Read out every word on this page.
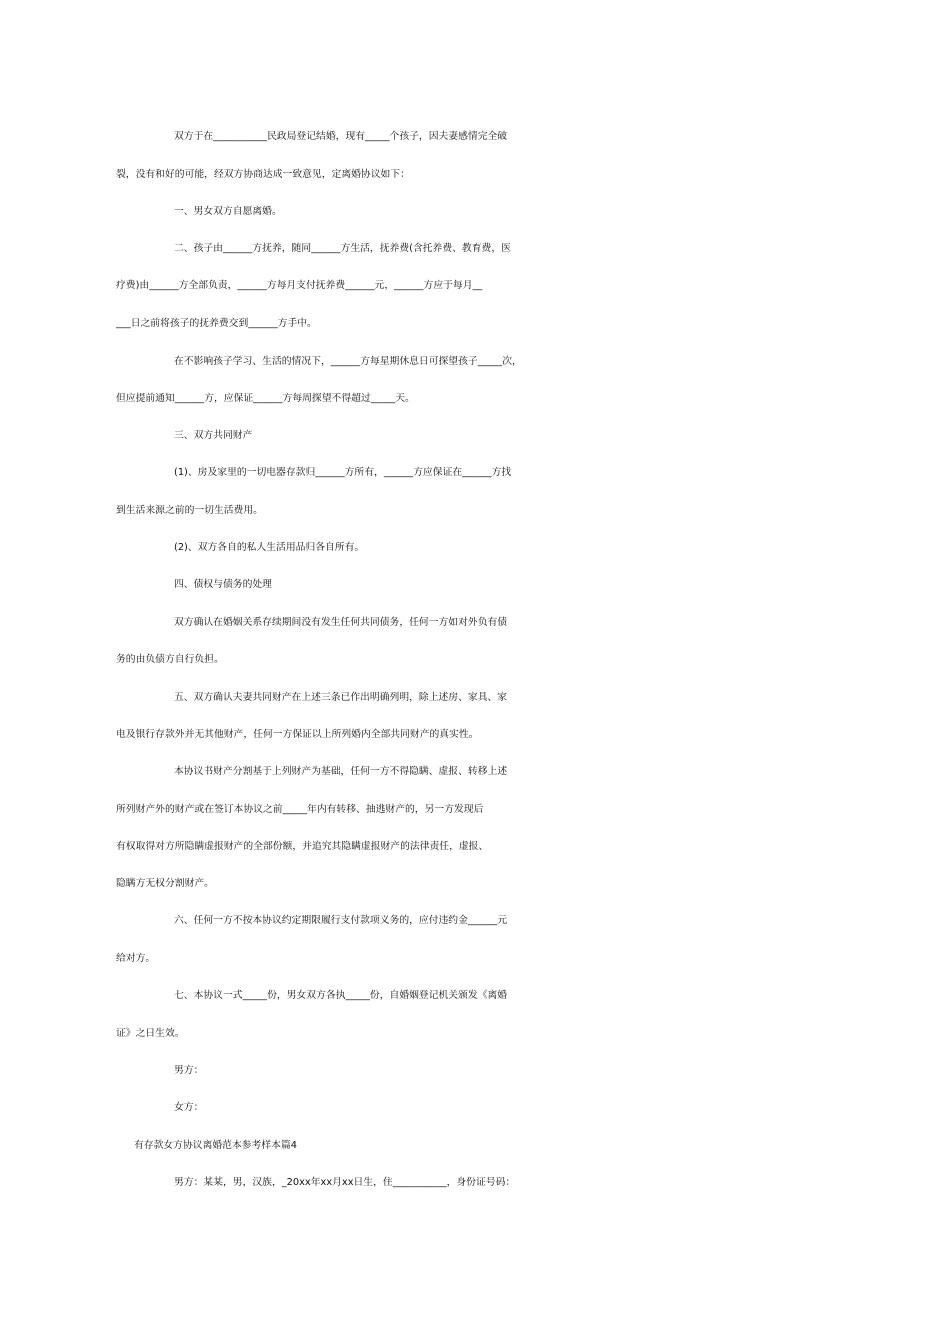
双方于在___________民政局登记结婚，现有_____个孩子，因夫妻感情完全破
裂，没有和好的可能，经双方协商达成一致意见，定离婚协议如下：
一、男女双方自愿离婚。
二、孩子由______方抚养，随同______方生活，抚养费(含托养费、教育费，医
疗费)由______方全部负责，______方每月支付抚养费______元，______方应于每月__
___日之前将孩子的抚养费交到______方手中。
在不影响孩子学习、生活的情况下，______方每星期休息日可探望孩子_____次，
但应提前通知______方，应保证______方每周探望不得超过_____天。
三、双方共同财产
(1)、房及家里的一切电器存款归______方所有，______方应保证在______方找
到生活来源之前的一切生活费用。
(2)、双方各自的私人生活用品归各自所有。
四、债权与债务的处理
双方确认在婚姻关系存续期间没有发生任何共同债务，任何一方如对外负有债
务的由负债方自行负担。
五、双方确认夫妻共同财产在上述三条已作出明确列明，除上述房、家具、家
电及银行存款外并无其他财产，任何一方保证以上所列婚内全部共同财产的真实性。
本协议书财产分割基于上列财产为基础，任何一方不得隐瞒、虚报、转移上述
所列财产外的财产或在签订本协议之前_____年内有转移、抽逃财产的，另一方发现后
有权取得对方所隐瞒虚报财产的全部份额，并追究其隐瞒虚报财产的法律责任，虚报、
隐瞒方无权分割财产。
六、任何一方不按本协议约定期限履行支付款项义务的，应付违约金______元
给对方。
七、本协议一式_____份，男女双方各执_____份，自婚姻登记机关颁发《离婚
证》之日生效。
男方：
女方：
有存款女方协议离婚范本参考样本篇4
男方：某某，男，汉族，_20xx年xx月xx日生，住___________，身份证号码：
